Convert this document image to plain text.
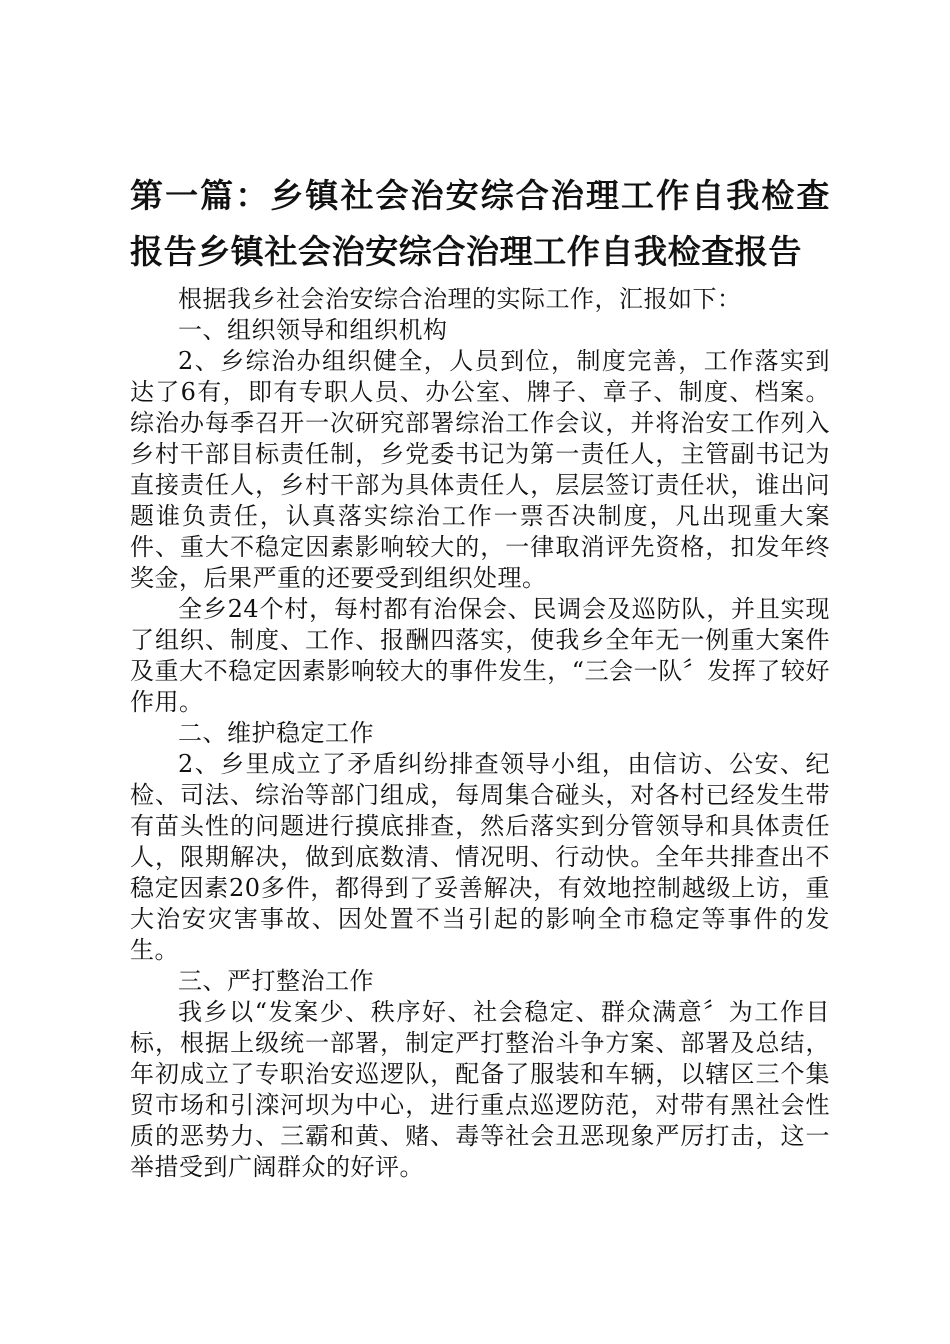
第一篇：乡镇社会治安综合治理工作自我检查报告乡镇社会治安综合治理工作自我检查报告

根据我乡社会治安综合治理的实际工作，汇报如下：

一、组织领导和组织机构

2、乡综治办组织健全，人员到位，制度完善，工作落实到达了6有，即有专职人员、办公室、牌子、章子、制度、档案。综治办每季召开一次研究部署综治工作会议，并将治安工作列入乡村干部目标责任制，乡党委书记为第一责任人，主管副书记为直接责任人，乡村干部为具体责任人，层层签订责任状，谁出问题谁负责任，认真落实综治工作一票否决制度，凡出现重大案件、重大不稳定因素影响较大的，一律取消评先资格，扣发年终奖金，后果严重的还要受到组织处理。

全乡24个村，每村都有治保会、民调会及巡防队，并且实现了组织、制度、工作、报酬四落实，使我乡全年无一例重大案件及重大不稳定因素影响较大的事件发生，“三会一队〞发挥了较好作用。

二、维护稳定工作

2、乡里成立了矛盾纠纷排查领导小组，由信访、公安、纪检、司法、综治等部门组成，每周集合碰头，对各村已经发生带有苗头性的问题进行摸底排查，然后落实到分管领导和具体责任人，限期解决，做到底数清、情况明、行动快。全年共排查出不稳定因素20多件，都得到了妥善解决，有效地控制越级上访，重大治安灾害事故、因处置不当引起的影响全市稳定等事件的发生。

三、严打整治工作

我乡以“发案少、秩序好、社会稳定、群众满意〞为工作目标，根据上级统一部署，制定严打整治斗争方案、部署及总结，年初成立了专职治安巡逻队，配备了服装和车辆，以辖区三个集贸市场和引滦河坝为中心，进行重点巡逻防范，对带有黑社会性质的恶势力、三霸和黄、赌、毒等社会丑恶现象严厉打击，这一举措受到广阔群众的好评。
